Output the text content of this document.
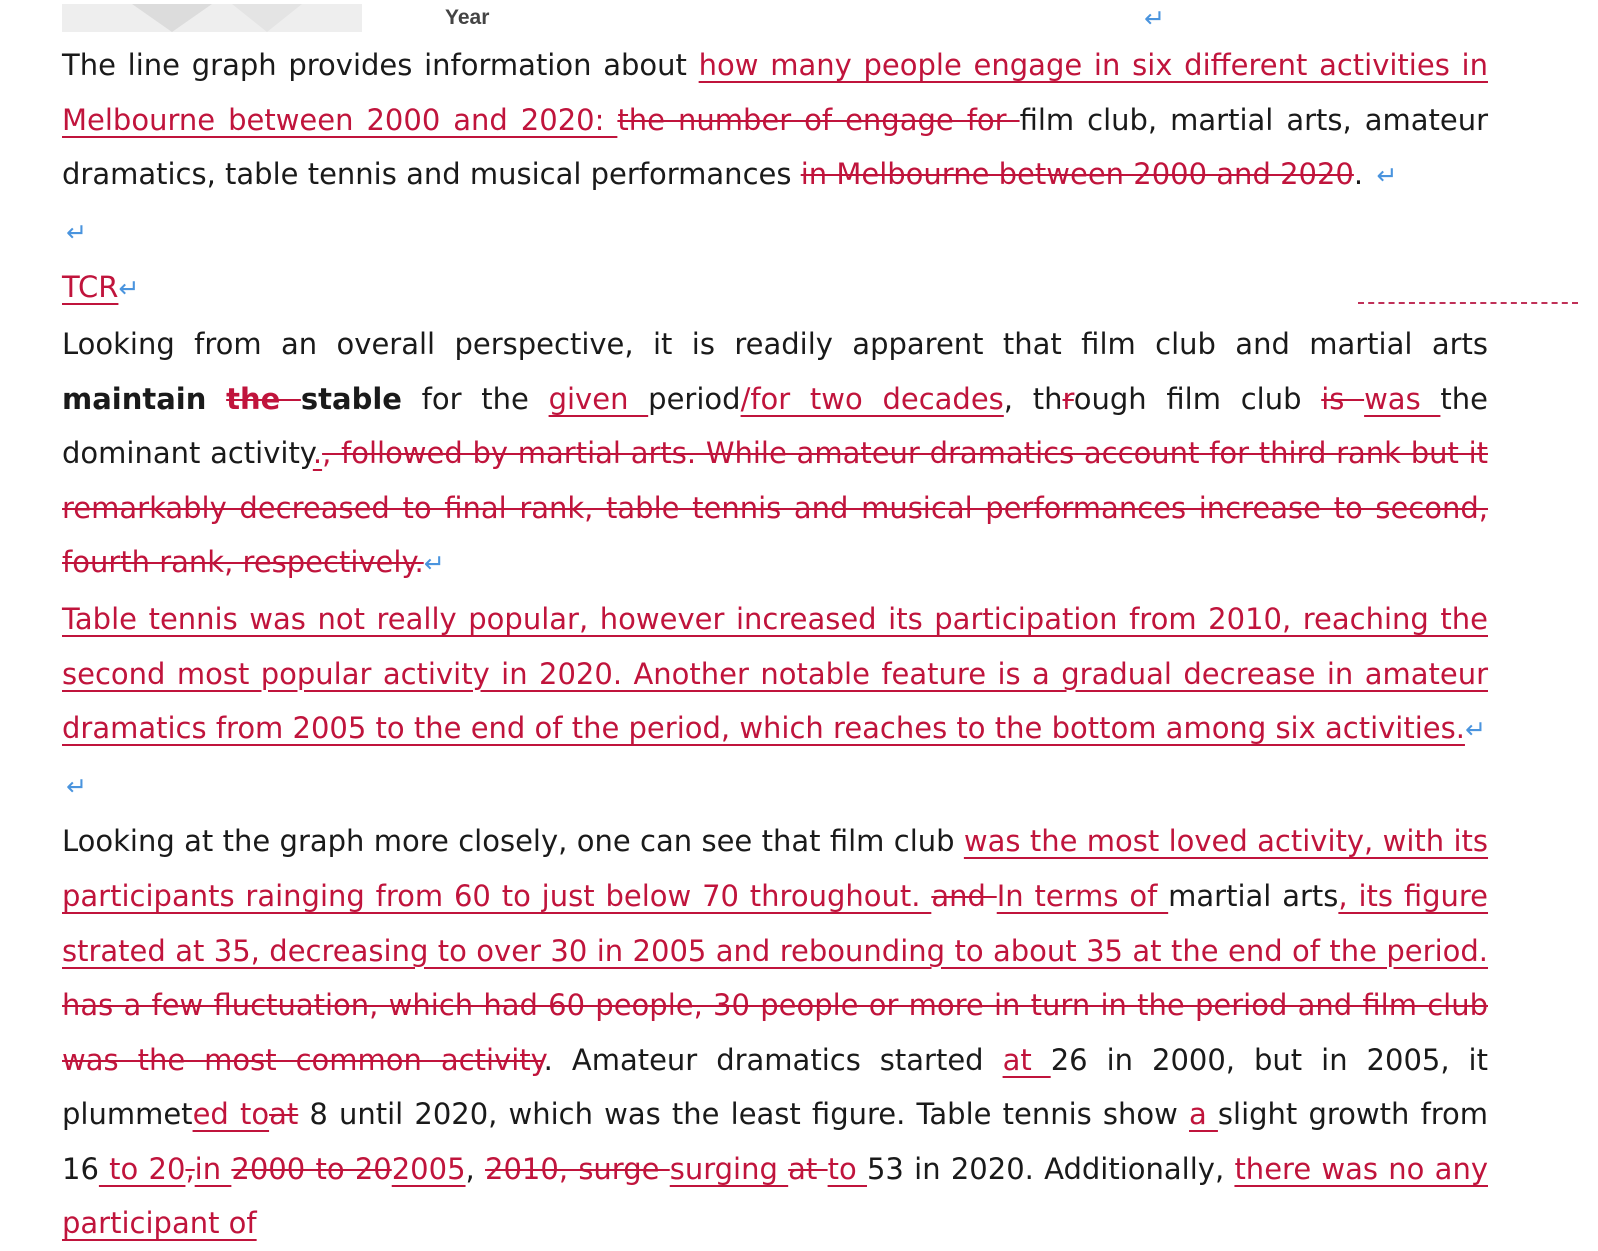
Year	↵

The line graph provides information about how many people engage in six different activities in Melbourne between 2000 and 2020: the number of engage for film club, martial arts, amateur dramatics, table tennis and musical performances in Melbourne between 2000 and 2020. ↵

↵

TCR↵

Looking from an overall perspective, it is readily apparent that film club and martial arts maintain the stable for the given period/for two decades, through film club is was the dominant activity., followed by martial arts. While amateur dramatics account for third rank but it remarkably decreased to final rank, table tennis and musical performances increase to second, fourth rank, respectively.↵

Table tennis was not really popular, however increased its participation from 2010, reaching the second most popular activity in 2020. Another notable feature is a gradual decrease in amateur dramatics from 2005 to the end of the period, which reaches to the bottom among six activities.↵

↵

Looking at the graph more closely, one can see that film club was the most loved activity, with its participants rainging from 60 to just below 70 throughout. and In terms of martial arts, its figure strated at 35, decreasing to over 30 in 2005 and rebounding to about 35 at the end of the period. has a few fluctuation, which had 60 people, 30 people or more in turn in the period and film club was the most common activity. Amateur dramatics started at 26 in 2000, but in 2005, it plummeted toat 8 until 2020, which was the least figure. Table tennis show a slight growth from 16 to 20,in 2000 to 202005, 2010, surge surging at to 53 in 2020. Additionally, there was no any participant of
